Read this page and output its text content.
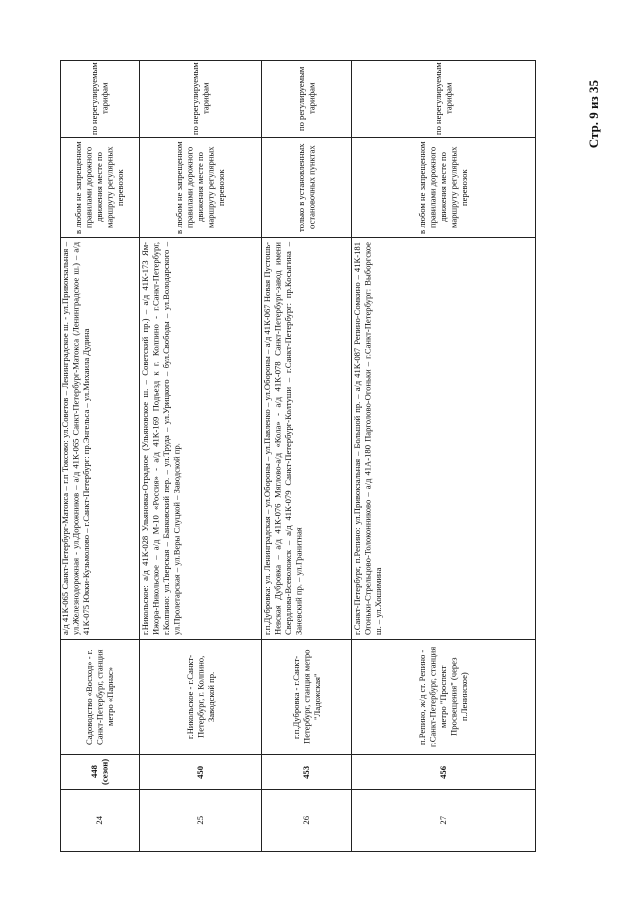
Стр. 9 из 35
24
448 (сезон)
Садоводство «Восход» - г. Санкт-Петербург, станция метро «Парнас»
а/д 41К-065 Санкт-Петербург-Матокса – г.п Токсово: ул.Советов – Ленинградское ш. - ул.Привокзальная – ул.Железнодорожная - ул.Дорожников – а/д 41К-065 Санкт-Петербург-Матокса (Ленинградское ш.) – а/д 41К-075 Юкки-Кузьмолово – г.Санкт-Петербург: пр.Энгельса – ул.Михаила Дудина
в любом не запрещенном правилами дорожного движения месте по маршруту регулярных перевозок
по нерегулируемым тарифам
25
450
г.Никольское - г.Санкт-Петербург, г. Колпино, Заводской пр.
г.Никольское: а/д 41К-028 Ульяновка-Отрадное (Ульяновское ш. – Советский пр.) – а/д 41К-173 Ям-Ижора-Никольское – а/д М-10 «Россия» - а/д 41К-169 Подъезд к г. Колпино - г.Санкт-Петербург, г.Колпино: ул.Тверская – Банковский пер. – ул.Труда – ул.Урицкого – бул.Свободы – ул.Володарского – ул.Пролетарская – ул.Веры Слуцкой – Заводской пр.
в любом не запрещенном правилами дорожного движения месте по маршруту регулярных перевозок
по нерегулируемым тарифам
26
453
г.п.Дубровка - г.Санкт-Петербург, станция метро "Ладожская"
г.п.Дубровка: ул. Ленинградская – ул.Обороны – ул.Павленко – ул.Обороны – а/д 41К-067 Новая Пустошь-Невская Дубровка – а/д 41К-076 Мяглово-а/д «Кола» - а/д 41К-078 Санкт-Петербург-завод имени Свердлова-Всеволожск – а/д 41К-079 Санкт-Петербург-Колтуши – г.Санкт-Петербург: пр.Косыгина – Заневский пр. – ул.Гранитная
только в установленных остановочных пунктах
по регулируемым тарифам
27
456
п.Репино, ж/д ст. Репино - г.Санкт-Петербург, станция метро "Проспект Просвещения" (через п.Ленинское)
г.Санкт-Петербург, п.Репино: ул.Привокзальная – Большой пр. – а/д 41К-087 Репино-Сомкино – 41К-181 Огоньки-Стрельцово-Толоконниково – а/д 41А-180 Пар​голово-Огоньки – г.Санкт-Петербург: Выборгское ш. – ул.Хошимина
в любом не запрещенном правилами дорожного движения месте по маршруту регулярных перевозок
по нерегулируемым тарифам
